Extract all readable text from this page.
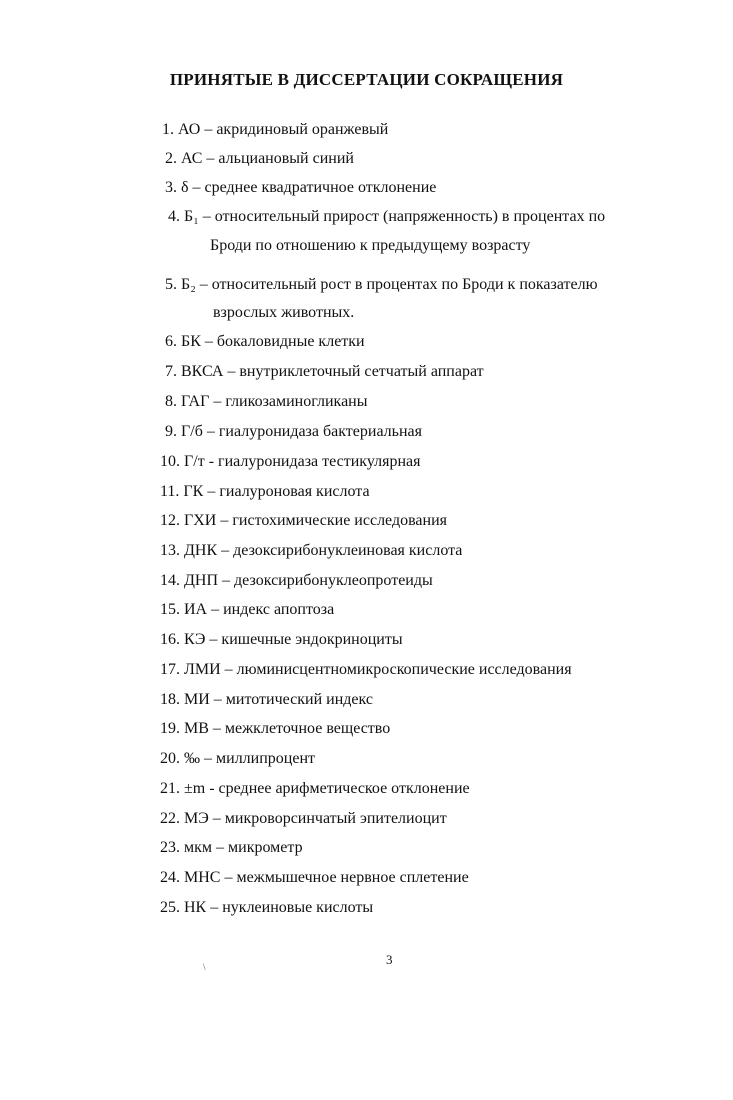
ПРИНЯТЫЕ В ДИССЕРТАЦИИ СОКРАЩЕНИЯ
1. АО – акридиновый оранжевый
2. АС – альциановый синий
3. δ – среднее квадратичное отклонение
4. Б₁ – относительный прирост (напряженность) в процентах по
Броди по отношению к предыдущему возрасту
5. Б₂ – относительный рост в процентах по Броди к показателю
взрослых животных.
6. БК – бокаловидные клетки
7. ВКСА – внутриклеточный сетчатый аппарат
8. ГАГ – гликозаминогликаны
9. Г/б – гиалуронидаза бактериальная
10. Г/т - гиалуронидаза тестикулярная
11. ГК – гиалуроновая кислота
12. ГХИ – гистохимические исследования
13. ДНК – дезоксирибонуклеиновая кислота
14. ДНП – дезоксирибонуклеопротеиды
15. ИА – индекс апоптоза
16. КЭ – кишечные эндокриноциты
17. ЛМИ – люминисцентномикроскопические исследования
18. МИ – митотический индекс
19. МВ – межклеточное вещество
20. ‰ – миллипроцент
21. ±m - среднее арифметическое отклонение
22. МЭ – микроворсинчатый эпителиоцит
23. мкм – микрометр
24. МНС – межмышечное нервное сплетение
25. НК – нуклеиновые кислоты
\	3
